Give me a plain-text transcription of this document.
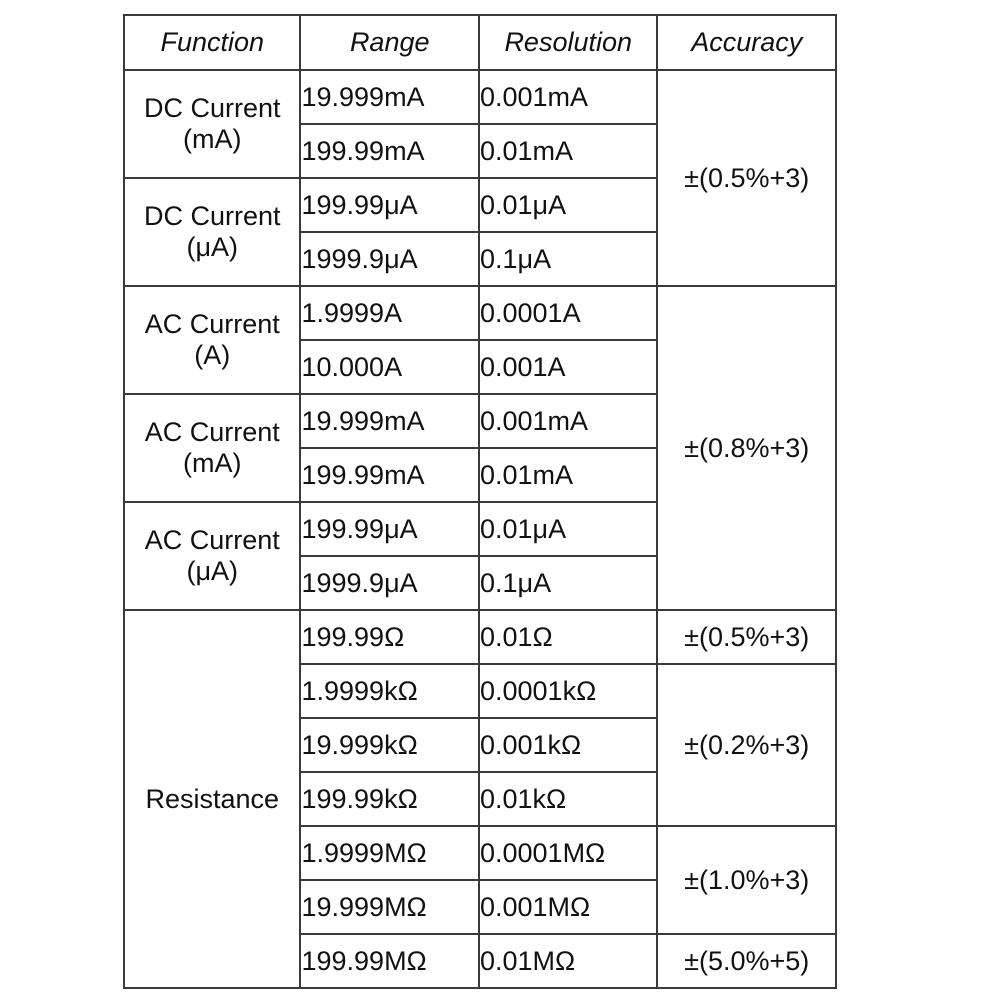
Function	Range	Resolution	Accuracy

DC Current
(mA)	19.999mA	0.001mA	±(0.5%+3)
	199.99mA	0.01mA	

DC Current
(μA)	199.99μA	0.01μA	
	1999.9μA	0.1μA	

AC Current
(A)	1.9999A	0.0001A	±(0.8%+3)
	10.000A	0.001A	

AC Current
(mA)	19.999mA	0.001mA	
	199.99mA	0.01mA	

AC Current
(μA)	199.99μA	0.01μA	
	1999.9μA	0.1μA	

Resistance	199.99Ω	0.01Ω	±(0.5%+3)
	1.9999kΩ	0.0001kΩ	±(0.2%+3)
	19.999kΩ	0.001kΩ	
	199.99kΩ	0.01kΩ	
	1.9999MΩ	0.0001MΩ	±(1.0%+3)
	19.999MΩ	0.001MΩ	
	199.99MΩ	0.01MΩ	±(5.0%+5)
